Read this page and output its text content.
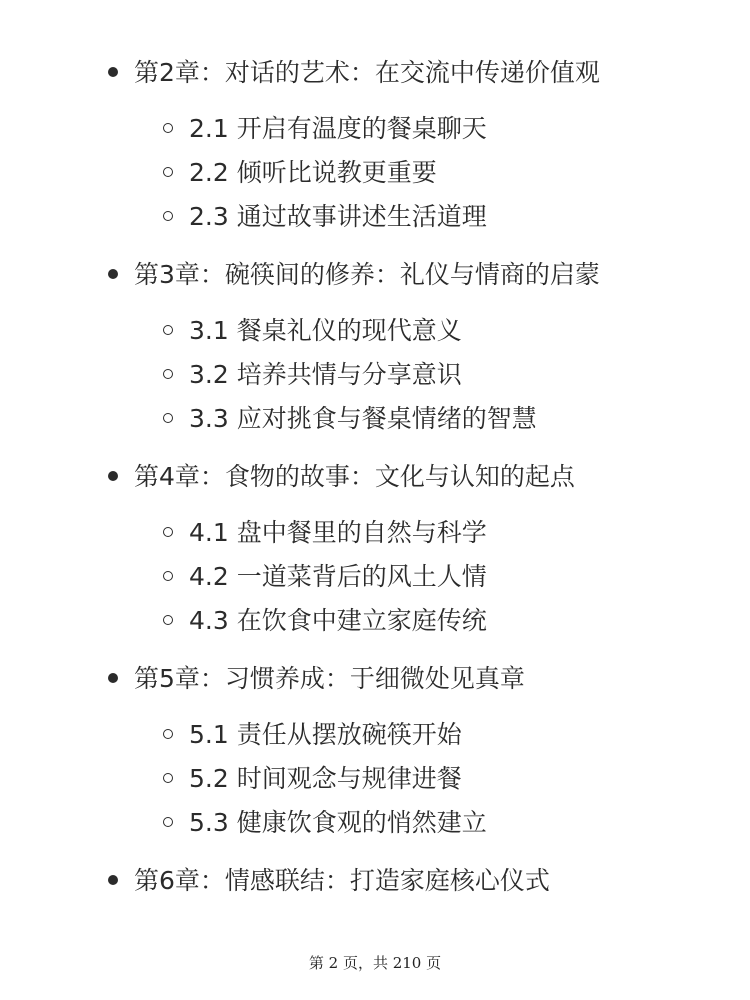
第2章：对话的艺术：在交流中传递价值观
2.1 开启有温度的餐桌聊天
2.2 倾听比说教更重要
2.3 通过故事讲述生活道理
第3章：碗筷间的修养：礼仪与情商的启蒙
3.1 餐桌礼仪的现代意义
3.2 培养共情与分享意识
3.3 应对挑食与餐桌情绪的智慧
第4章：食物的故事：文化与认知的起点
4.1 盘中餐里的自然与科学
4.2 一道菜背后的风土人情
4.3 在饮食中建立家庭传统
第5章：习惯养成：于细微处见真章
5.1 责任从摆放碗筷开始
5.2 时间观念与规律进餐
5.3 健康饮食观的悄然建立
第6章：情感联结：打造家庭核心仪式
第 2 页，共 210 页
